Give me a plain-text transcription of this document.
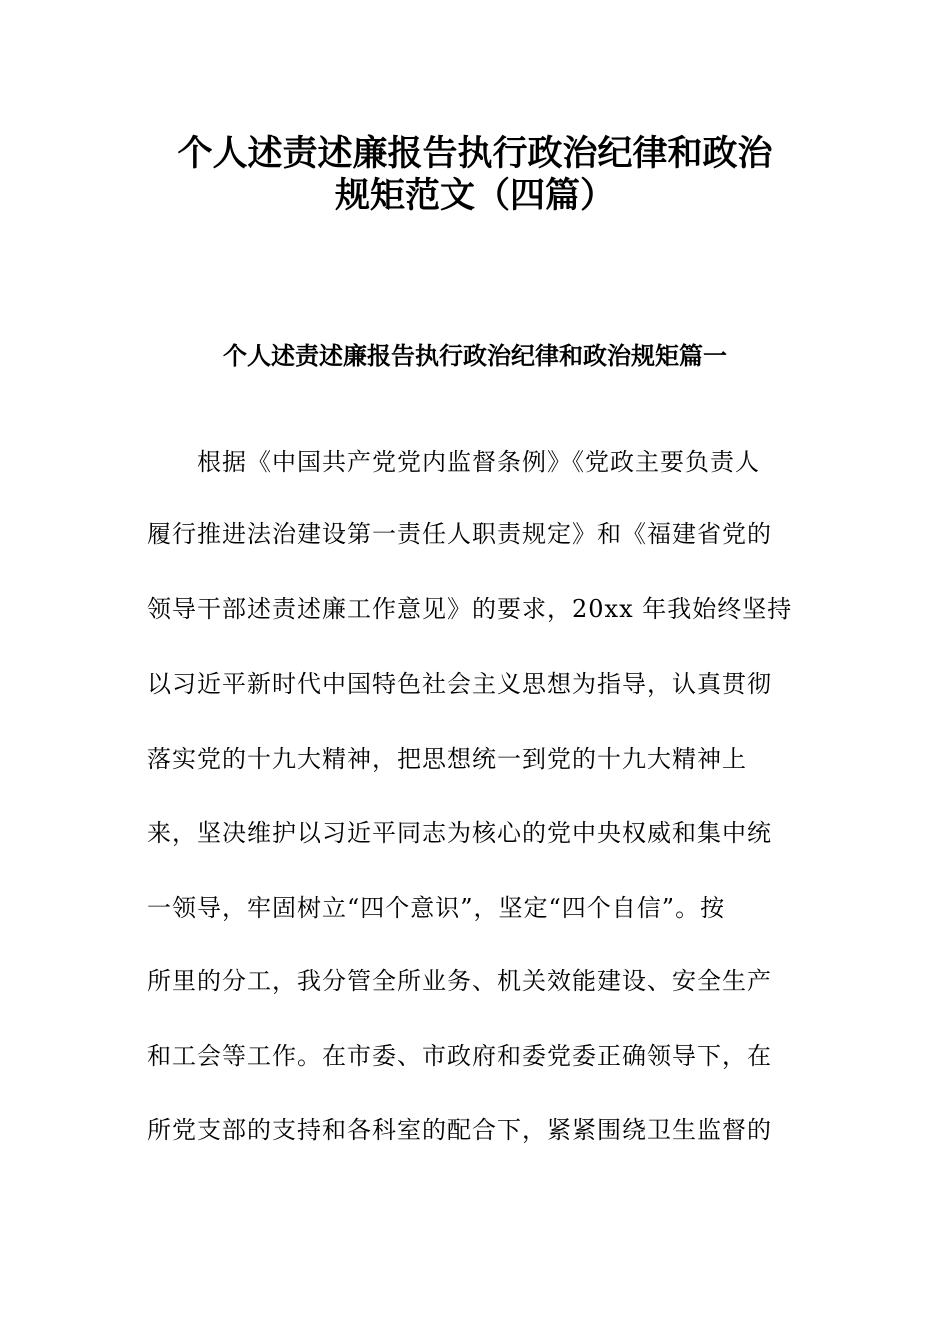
个人述责述廉报告执行政治纪律和政治
规矩范文（四篇）
个人述责述廉报告执行政治纪律和政治规矩篇一
根据《中国共产党党内监督条例》《党政主要负责人
履行推进法治建设第一责任人职责规定》和《福建省党的
领导干部述责述廉工作意见》的要求，20xx 年我始终坚持
以习近平新时代中国特色社会主义思想为指导，认真贯彻
落实党的十九大精神，把思想统一到党的十九大精神上
来，坚决维护以习近平同志为核心的党中央权威和集中统
一领导，牢固树立“四个意识”，坚定“四个自信”。按
所里的分工，我分管全所业务、机关效能建设、安全生产
和工会等工作。在市委、市政府和委党委正确领导下，在
所党支部的支持和各科室的配合下，紧紧围绕卫生监督的
